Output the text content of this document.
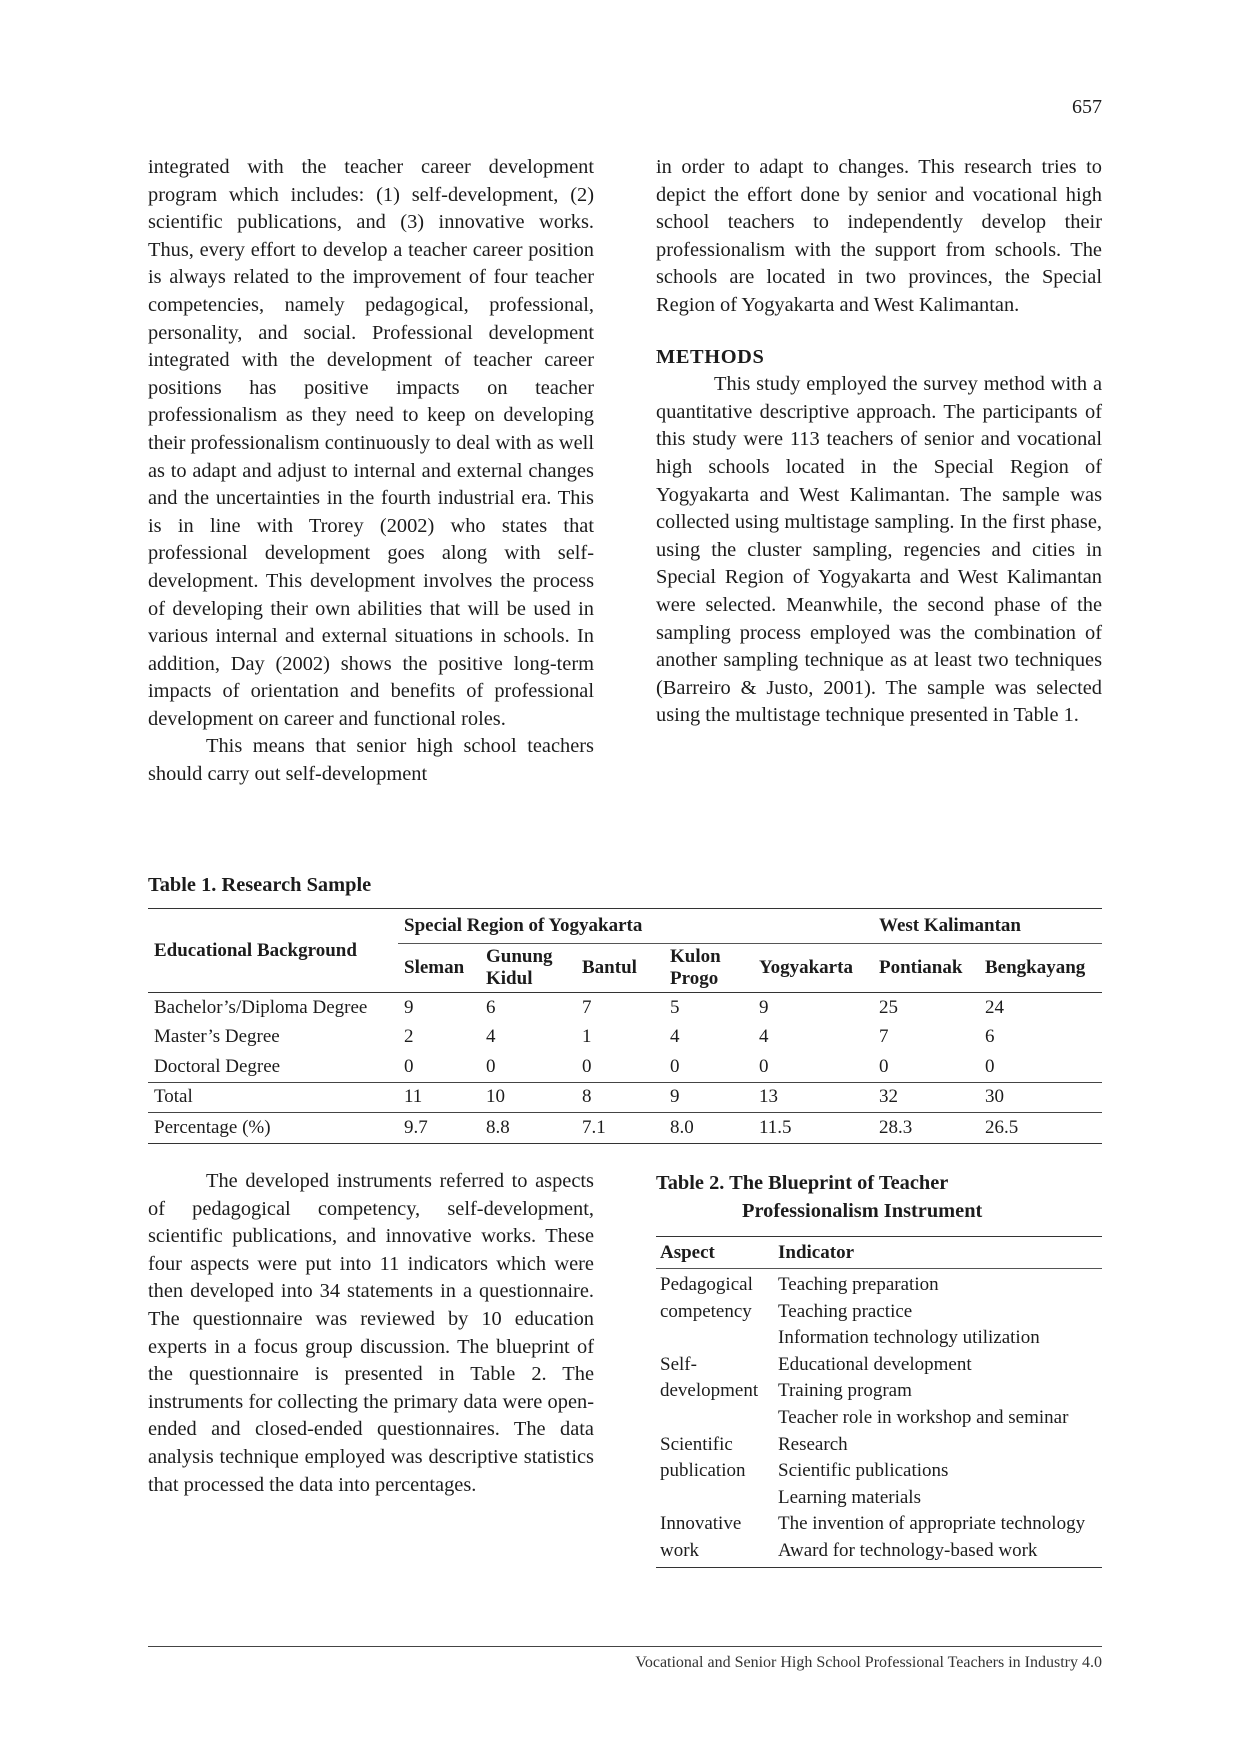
657

integrated with the teacher career development program which includes: (1) self-development, (2) scientific publications, and (3) innovative works. Thus, every effort to develop a teacher career position is always related to the improvement of four teacher competencies, namely pedagogical, professional, personality, and social. Professional development integrated with the development of teacher career positions has positive impacts on teacher professionalism as they need to keep on developing their professionalism continuously to deal with as well as to adapt and adjust to internal and external changes and the uncertainties in the fourth industrial era. This is in line with Trorey (2002) who states that professional development goes along with self-development. This development involves the process of developing their own abilities that will be used in various internal and external situations in schools. In addition, Day (2002) shows the positive long-term impacts of orientation and benefits of professional development on career and functional roles.

This means that senior high school teachers should carry out self-development

in order to adapt to changes. This research tries to depict the effort done by senior and vocational high school teachers to independently develop their professionalism with the support from schools. The schools are located in two provinces, the Special Region of Yogyakarta and West Kalimantan.

METHODS

This study employed the survey method with a quantitative descriptive approach. The participants of this study were 113 teachers of senior and vocational high schools located in the Special Region of Yogyakarta and West Kalimantan. The sample was collected using multistage sampling. In the first phase, using the cluster sampling, regencies and cities in Special Region of Yogyakarta and West Kalimantan were selected. Meanwhile, the second phase of the sampling process employed was the combination of another sampling technique as at least two techniques (Barreiro & Justo, 2001). The sample was selected using the multistage technique presented in Table 1.

Table 1. Research Sample
Educational Background	Special Region of Yogyakarta					West Kalimantan	
	Sleman	Gunung Kidul	Bantul	Kulon Progo	Yogyakarta	Pontianak	Bengkayang
Bachelor’s/Diploma Degree	9	6	7	5	9	25	24
Master’s Degree	2	4	1	4	4	7	6
Doctoral Degree	0	0	0	0	0	0	0
Total	11	10	8	9	13	32	30
Percentage (%)	9.7	8.8	7.1	8.0	11.5	28.3	26.5

The developed instruments referred to aspects of pedagogical competency, self-development, scientific publications, and innovative works. These four aspects were put into 11 indicators which were then developed into 34 statements in a questionnaire. The questionnaire was reviewed by 10 education experts in a focus group discussion. The blueprint of the questionnaire is presented in Table 2. The instruments for collecting the primary data were open-ended and closed-ended questionnaires. The data analysis technique employed was descriptive statistics that processed the data into percentages.

Table 2. The Blueprint of Teacher
Professionalism Instrument
Aspect	Indicator
Pedagogical competency	Teaching preparation
Teaching practice
Information technology utilization

Self-development	Educational development
Training program
Teacher role in workshop and seminar

Scientific publication	Research
Scientific publications
Learning materials

Innovative work	The invention of appropriate technology
Award for technology-based work
Vocational and Senior High School Professional Teachers in Industry 4.0
